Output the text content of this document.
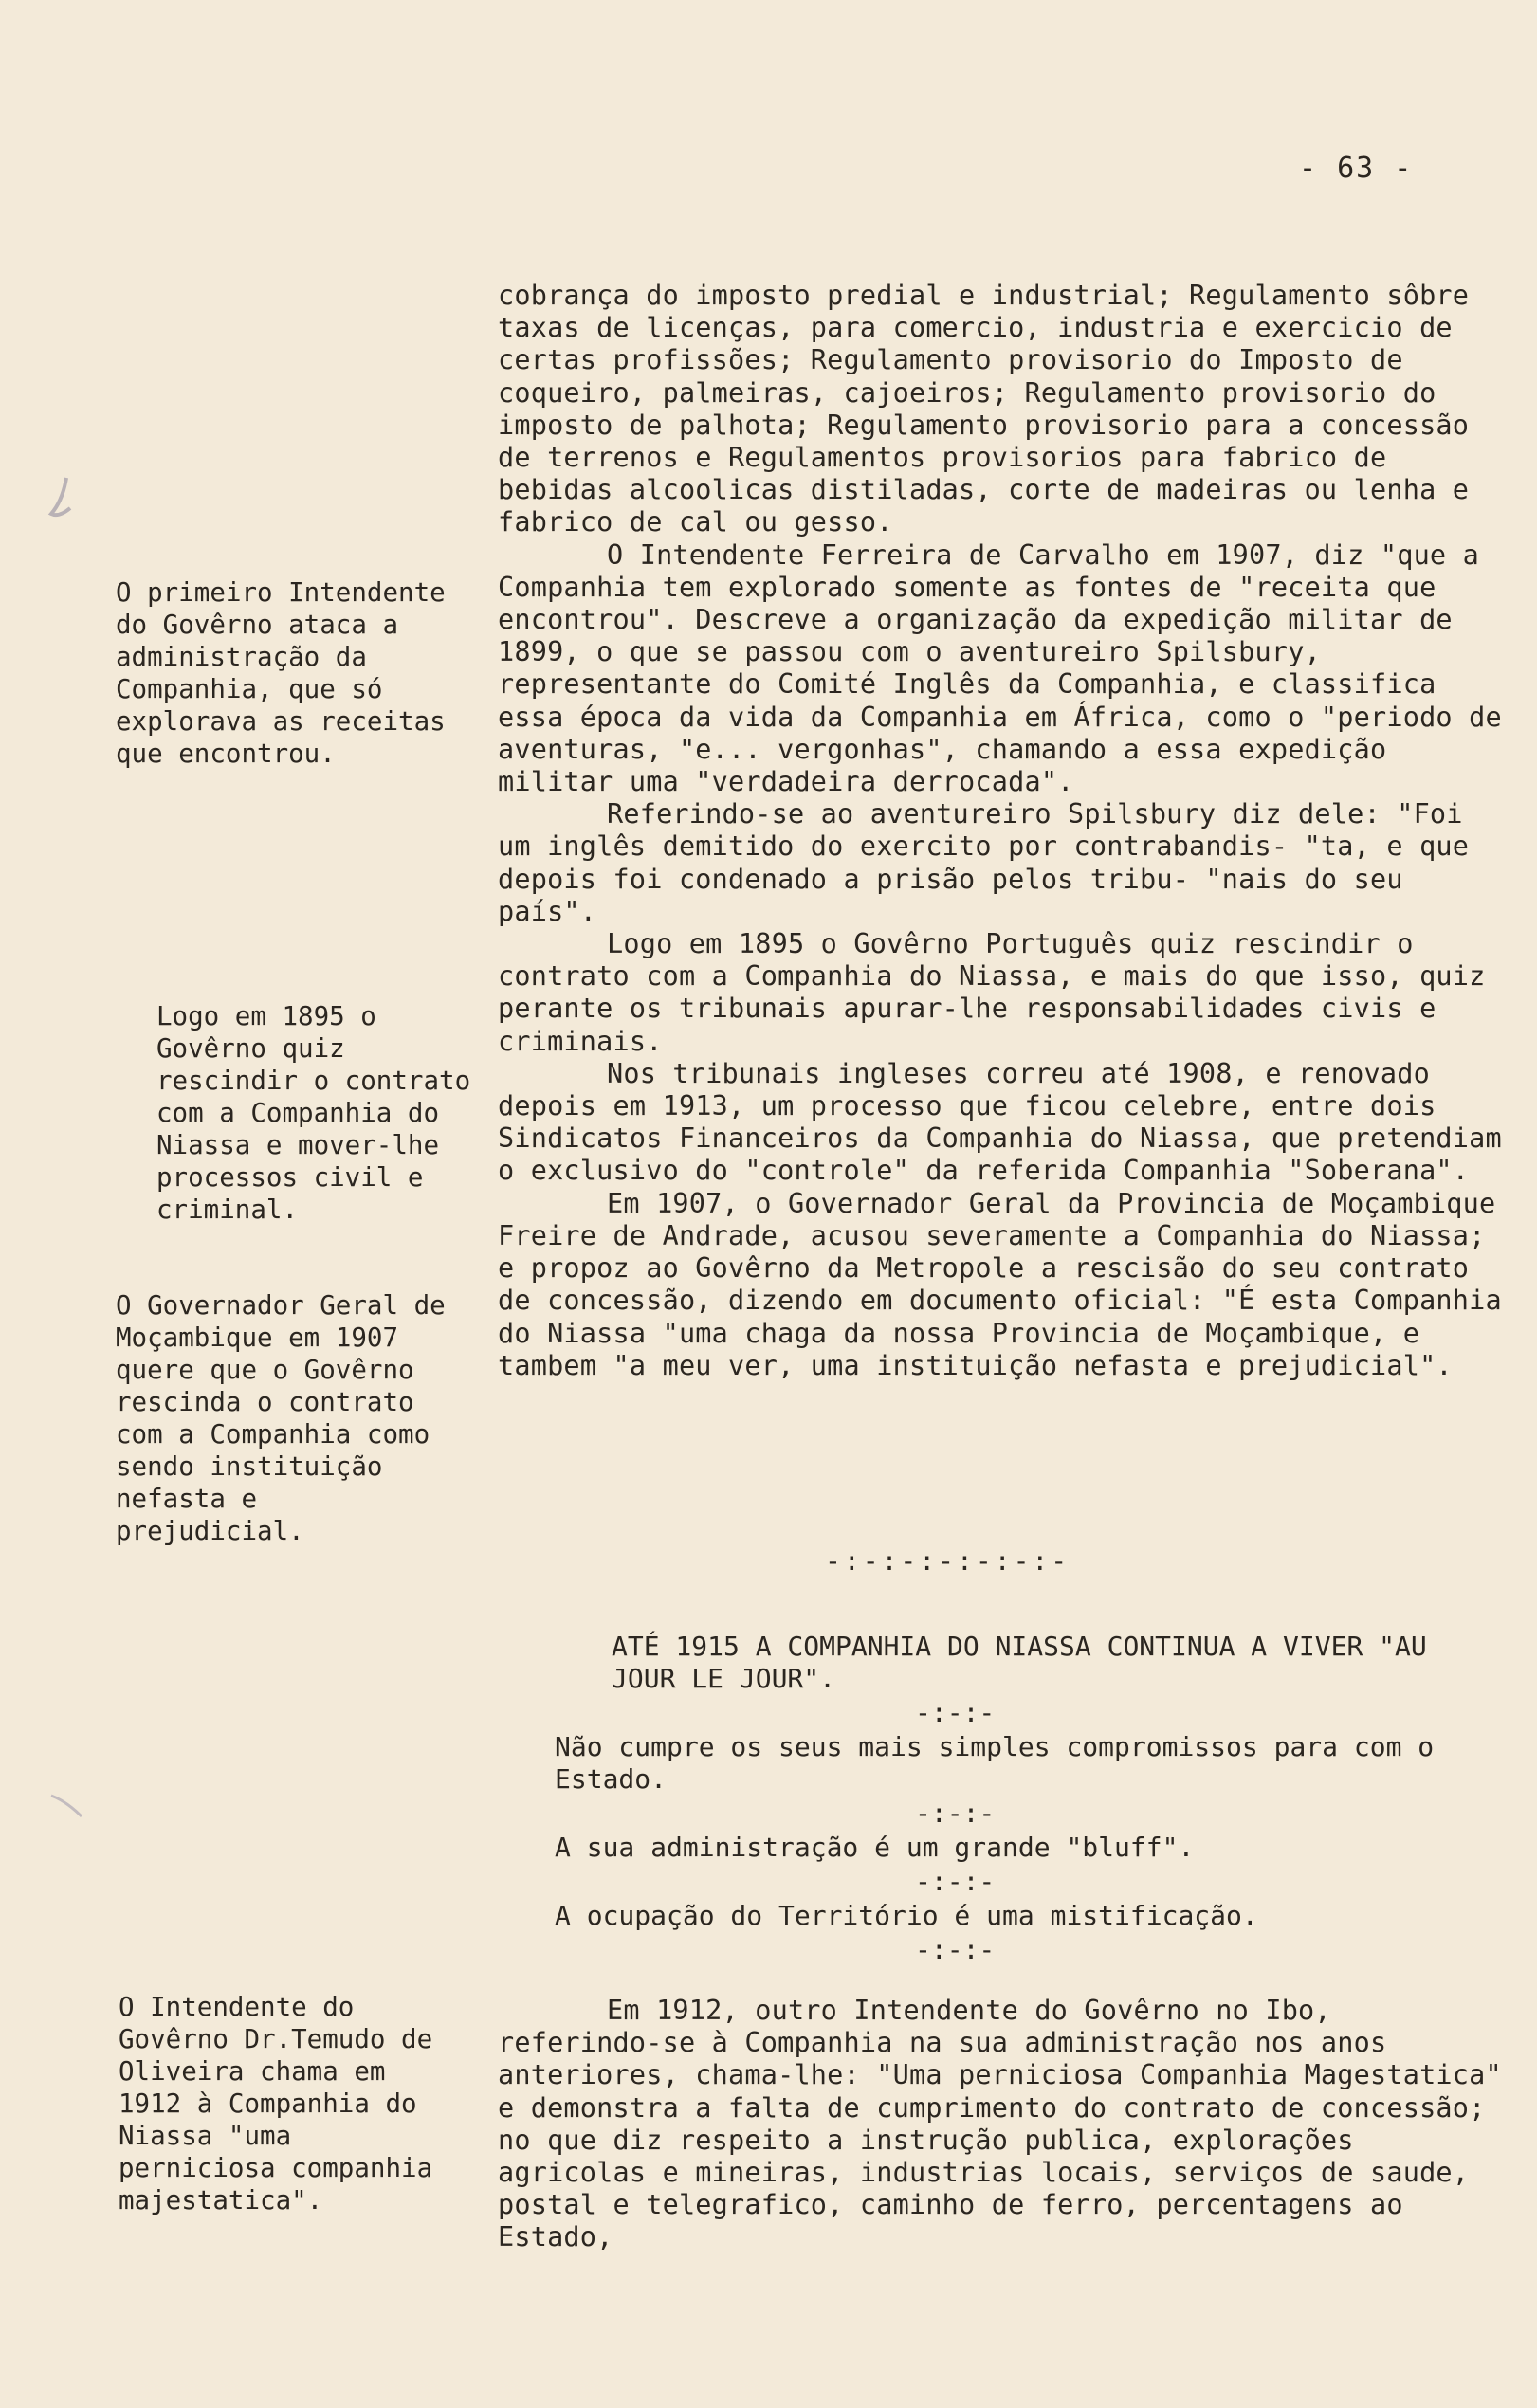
- 63 -

cobrança do imposto predial e industrial; Regulamento sôbre taxas de licenças, para comercio, industria e exercicio de certas profissões; Regulamento provisorio do Imposto de coqueiro, palmeiras, cajoeiros; Regulamento provisorio do imposto de palhota; Regulamento provisorio para a concessão de terrenos e Regulamentos provisorios para fabrico de bebidas alcoolicas distiladas, corte de madeiras ou lenha e fabrico de cal ou gesso.

O Intendente Ferreira de Carvalho em 1907, diz "que a Companhia tem explorado somente as fontes de "receita que encontrou". Descreve a organização da expedição militar de 1899, o que se passou com o aventureiro Spilsbury, representante do Comité Inglês da Companhia, e classifica essa época da vida da Companhia em África, como o "periodo de aventuras, "e... vergonhas", chamando a essa expedição militar uma "verdadeira derrocada".

Referindo-se ao aventureiro Spilsbury diz dele: "Foi um inglês demitido do exercito por contrabandis- "ta, e que depois foi condenado a prisão pelos tribu- "nais do seu país".

Logo em 1895 o Govêrno Português quiz rescindir o contrato com a Companhia do Niassa, e mais do que isso, quiz perante os tribunais apurar-lhe responsabilidades civis e criminais.

Nos tribunais ingleses correu até 1908, e renovado depois em 1913, um processo que ficou celebre, entre dois Sindicatos Financeiros da Companhia do Niassa, que pretendiam o exclusivo do "controle" da referida Companhia "Soberana".

Em 1907, o Governador Geral da Provincia de Moçambique Freire de Andrade, acusou severamente a Companhia do Niassa; e propoz ao Govêrno da Metropole a rescisão do seu contrato de concessão, dizendo em documento oficial: "É esta Companhia do Niassa "uma chaga da nossa Provincia de Moçambique, e tambem "a meu ver, uma instituição nefasta e prejudicial".

-:-:-:-:-:-:-
ATÉ 1915 A COMPANHIA DO NIASSA CONTINUA A VIVER "AU JOUR LE JOUR".
-:-:-
Não cumpre os seus mais simples compromissos para com o Estado.
-:-:-
A sua administração é um grande "bluff".
-:-:-
A ocupação do Território é uma mistificação.
-:-:-
Em 1912, outro Intendente do Govêrno no Ibo, referindo-se à Companhia na sua administração nos anos anteriores, chama-lhe: "Uma perniciosa Companhia Magestatica" e demonstra a falta de cumprimento do contrato de concessão; no que diz respeito a instrução publica, explorações agricolas e mineiras, industrias locais, serviços de saude, postal e telegrafico, caminho de ferro, percentagens ao Estado,
O primeiro Intendente do Govêrno ataca a administração da Companhia, que só explorava as receitas que encontrou.
Logo em 1895 o Govêrno quiz rescindir o contrato com a Companhia do Niassa e mover-lhe processos civil e criminal.
O Governador Geral de Moçambique em 1907 quere que o Govêrno rescinda o contrato com a Companhia como sendo instituição nefasta e prejudicial.
O Intendente do Govêrno Dr.Temudo de Oliveira chama em 1912 à Companhia do Niassa "uma perniciosa companhia majestatica".
